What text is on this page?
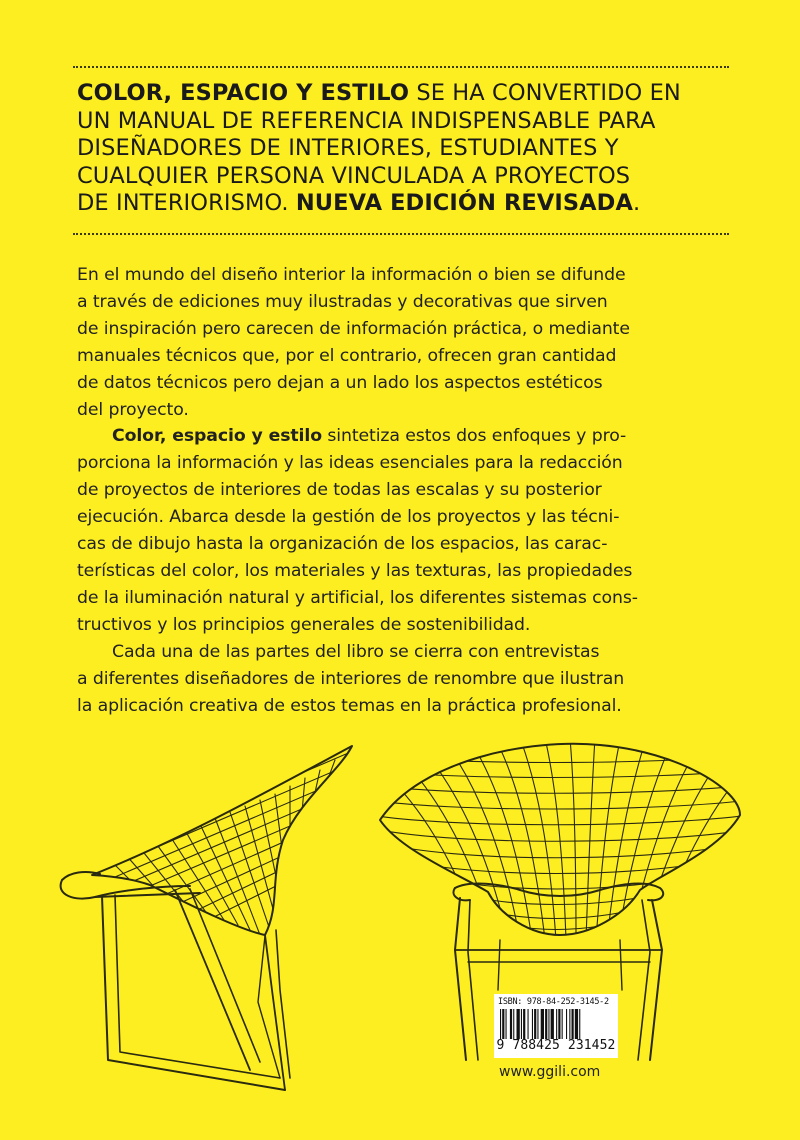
COLOR, ESPACIO Y ESTILO SE HA CONVERTIDO EN
UN MANUAL DE REFERENCIA INDISPENSABLE PARA
DISEÑADORES DE INTERIORES, ESTUDIANTES Y
CUALQUIER PERSONA VINCULADA A PROYECTOS
DE INTERIORISMO. NUEVA EDICIÓN REVISADA.
En el mundo del diseño interior la información o bien se difunde
a través de ediciones muy ilustradas y decorativas que sirven
de inspiración pero carecen de información práctica, o mediante
manuales técnicos que, por el contrario, ofrecen gran cantidad
de datos técnicos pero dejan a un lado los aspectos estéticos
del proyecto.
Color, espacio y estilo sintetiza estos dos enfoques y pro-
porciona la información y las ideas esenciales para la redacción
de proyectos de interiores de todas las escalas y su posterior
ejecución. Abarca desde la gestión de los proyectos y las técni-
cas de dibujo hasta la organización de los espacios, las carac-
terísticas del color, los materiales y las texturas, las propiedades
de la iluminación natural y artificial, los diferentes sistemas cons-
tructivos y los principios generales de sostenibilidad.
Cada una de las partes del libro se cierra con entrevistas
a diferentes diseñadores de interiores de renombre que ilustran
la aplicación creativa de estos temas en la práctica profesional.
ISBN: 978-84-252-3145-2
9 788425 231452
www.ggili.com
